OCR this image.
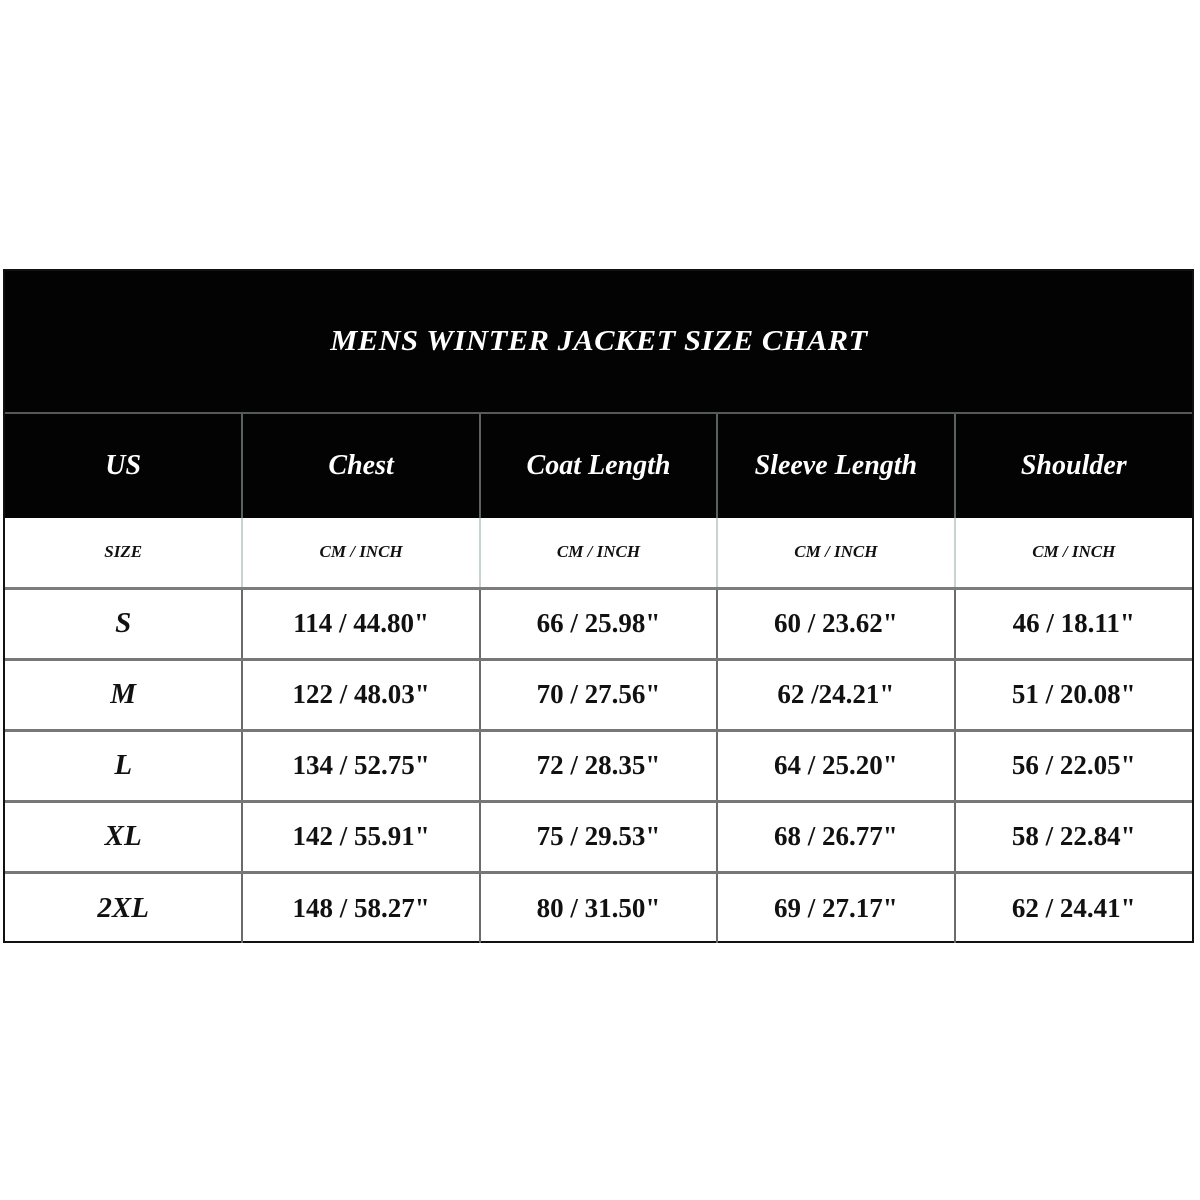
MENS WINTER JACKET SIZE CHART
US	Chest	Coat Length	Sleeve Length	Shoulder
SIZE	CM / INCH	CM / INCH	CM / INCH	CM / INCH
S	114 / 44.80"	66 / 25.98"	60 / 23.62"	46 / 18.11"
M	122 / 48.03"	70 / 27.56"	62 /24.21"	51 / 20.08"
L	134 / 52.75"	72 / 28.35"	64 / 25.20"	56 / 22.05"
XL	142 / 55.91"	75 / 29.53"	68 / 26.77"	58 / 22.84"
2XL	148 / 58.27"	80 / 31.50"	69 / 27.17"	62 / 24.41"
